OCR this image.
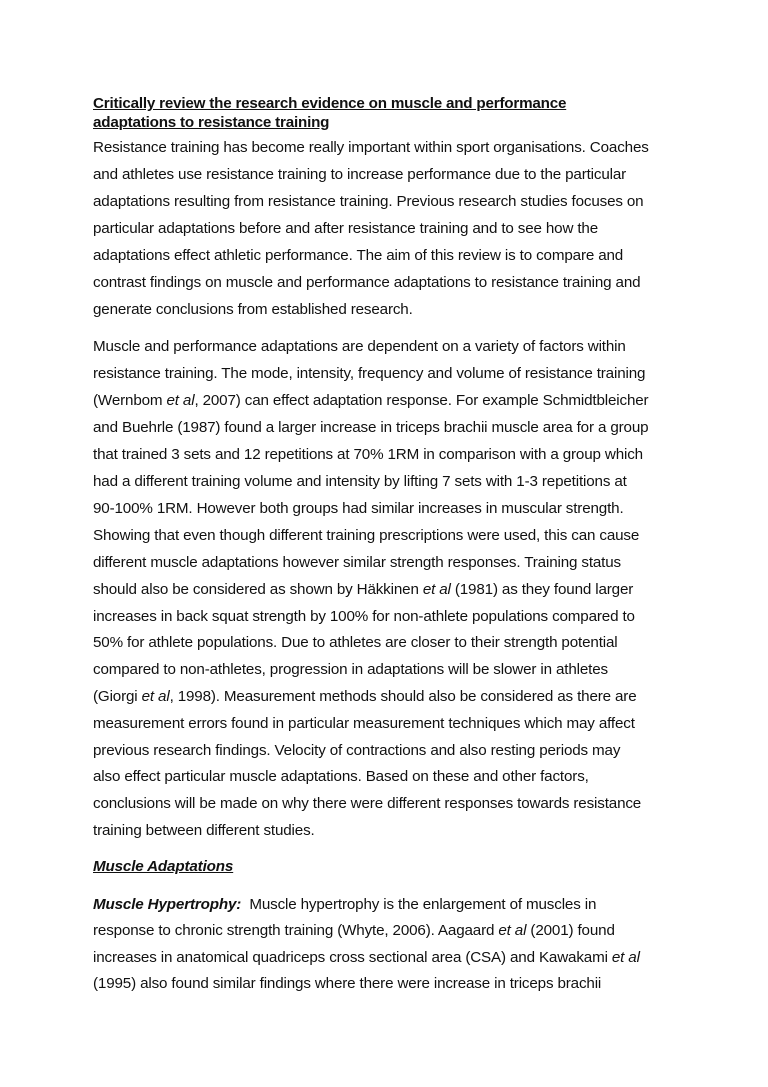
Critically review the research evidence on muscle and performance
adaptations to resistance training
Resistance training has become really important within sport organisations. Coaches
and athletes use resistance training to increase performance due to the particular
adaptations resulting from resistance training. Previous research studies focuses on
particular adaptations before and after resistance training and to see how the
adaptations effect athletic performance. The aim of this review is to compare and
contrast findings on muscle and performance adaptations to resistance training and
generate conclusions from established research.
Muscle and performance adaptations are dependent on a variety of factors within
resistance training. The mode, intensity, frequency and volume of resistance training
(Wernbom et al, 2007) can effect adaptation response. For example Schmidtbleicher
and Buehrle (1987) found a larger increase in triceps brachii muscle area for a group
that trained 3 sets and 12 repetitions at 70% 1RM in comparison with a group which
had a different training volume and intensity by lifting 7 sets with 1-3 repetitions at
90-100% 1RM. However both groups had similar increases in muscular strength.
Showing that even though different training prescriptions were used, this can cause
different muscle adaptations however similar strength responses. Training status
should also be considered as shown by Häkkinen et al (1981) as they found larger
increases in back squat strength by 100% for non-athlete populations compared to
50% for athlete populations. Due to athletes are closer to their strength potential
compared to non-athletes, progression in adaptations will be slower in athletes
(Giorgi et al, 1998). Measurement methods should also be considered as there are
measurement errors found in particular measurement techniques which may affect
previous research findings. Velocity of contractions and also resting periods may
also effect particular muscle adaptations. Based on these and other factors,
conclusions will be made on why there were different responses towards resistance
training between different studies.
Muscle Adaptations
Muscle Hypertrophy:  Muscle hypertrophy is the enlargement of muscles in
response to chronic strength training (Whyte, 2006). Aagaard et al (2001) found
increases in anatomical quadriceps cross sectional area (CSA) and Kawakami et al
(1995) also found similar findings where there were increase in triceps brachii
